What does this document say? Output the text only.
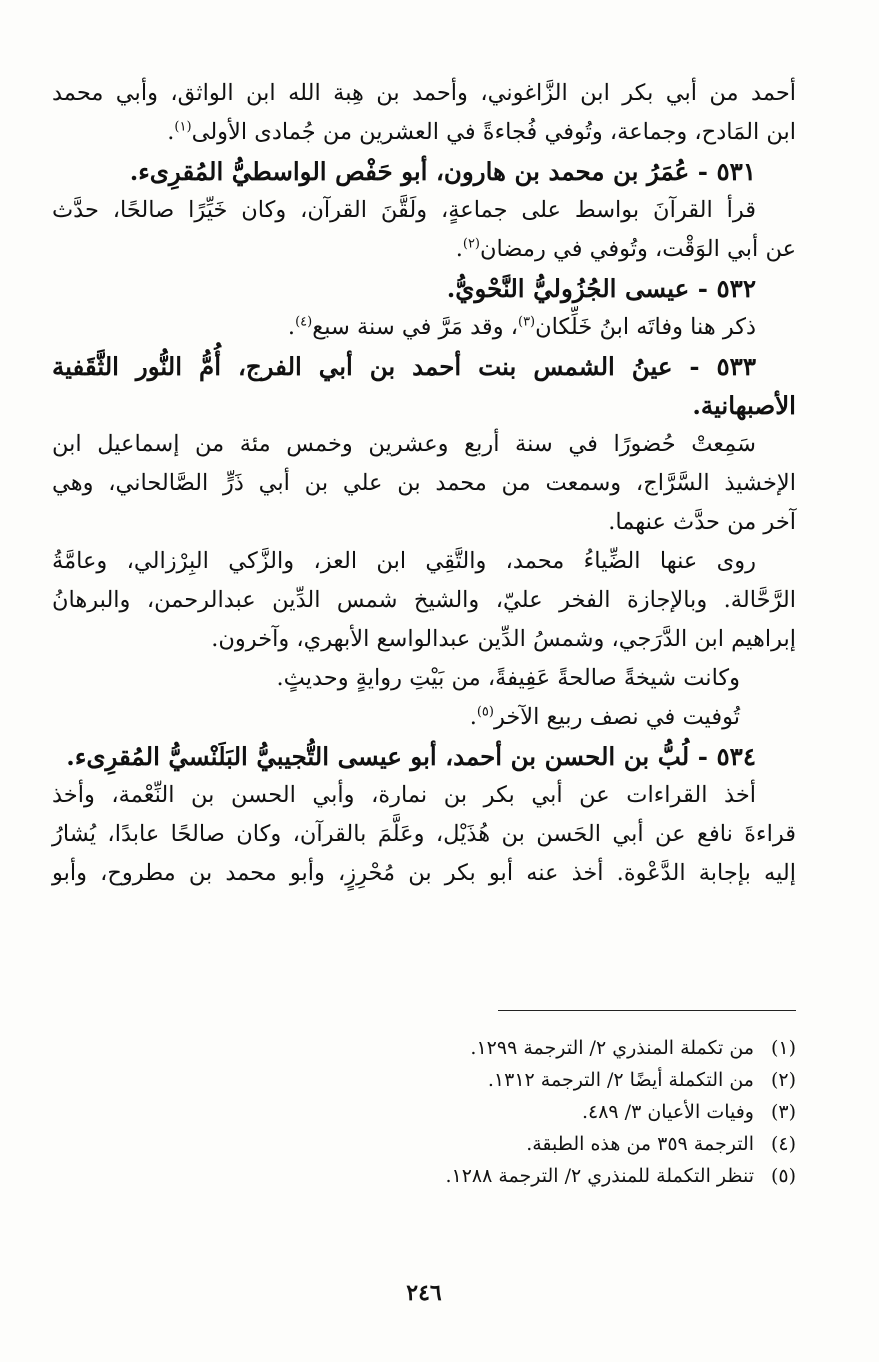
أحمد من أبي بكر ابن الزَّاغوني، وأحمد بن هِبة الله ابن الواثق، وأبي محمد
ابن المَادح، وجماعة، وتُوفي فُجاءةً في العشرين من جُمادى الأولى$^{(١)}$.
٥٣١ - عُمَرُ بن محمد بن هارون، أبو حَفْص الواسطيُّ المُقرِىء.
قرأ القرآنَ بواسط على جماعةٍ، ولَقَّنَ القرآن، وكان خَيِّرًا صالحًا، حدَّث
عن أبي الوَقْت، وتُوفي في رمضان$^{(٢)}$.
٥٣٢ - عيسى الجُزُوليُّ النَّحْويُّ.
ذكر هنا وفاتَه ابنُ خَلِّكان$^{(٣)}$، وقد مَرَّ في سنة سبع$^{(٤)}$.
٥٣٣ - عينُ الشمس بنت أحمد بن أبي الفرج، أُمُّ النُّور الثَّقَفية
الأصبهانية.
سَمِعتْ حُضورًا في سنة أربع وعشرين وخمس مئة من إسماعيل ابن
الإخشيذ السَّرَّاج، وسمعت من محمد بن علي بن أبي ذَرٍّ الصَّالحاني، وهي
آخر من حدَّث عنهما.
روى عنها الضِّياءُ محمد، والتَّقِي ابن العز، والزَّكي البِرْزالي، وعامَّةُ
الرَّحَّالة. وبالإجازة الفخر عليّ، والشيخ شمس الدِّين عبدالرحمن، والبرهانُ
إبراهيم ابن الدَّرَجي، وشمسُ الدِّين عبدالواسع الأبهري، وآخرون.
وكانت شيخةً صالحةً عَفِيفةً، من بَيْتِ روايةٍ وحديثٍ.
تُوفيت في نصف ربيع الآخر$^{(٥)}$.
٥٣٤ - لُبُّ بن الحسن بن أحمد، أبو عيسى التُّجيبيُّ البَلَنْسيُّ المُقرِىء.
أخذ القراءات عن أبي بكر بن نمارة، وأبي الحسن بن النِّعْمة، وأخذ
قراءةَ نافع عن أبي الحَسن بن هُذَيْل، وعَلَّمَ بالقرآن، وكان صالحًا عابدًا، يُشارُ
إليه بإجابة الدَّعْوة. أخذ عنه أبو بكر بن مُحْرِزٍ، وأبو محمد بن مطروح، وأبو
(١)من تكملة المنذري ٢/ الترجمة ١٢٩٩.
(٢)من التكملة أيضًا ٢/ الترجمة ١٣١٢.
(٣)وفيات الأعيان ٣/ ٤٨٩.
(٤)الترجمة ٣٥٩ من هذه الطبقة.
(٥)تنظر التكملة للمنذري ٢/ الترجمة ١٢٨٨.
٢٤٦
